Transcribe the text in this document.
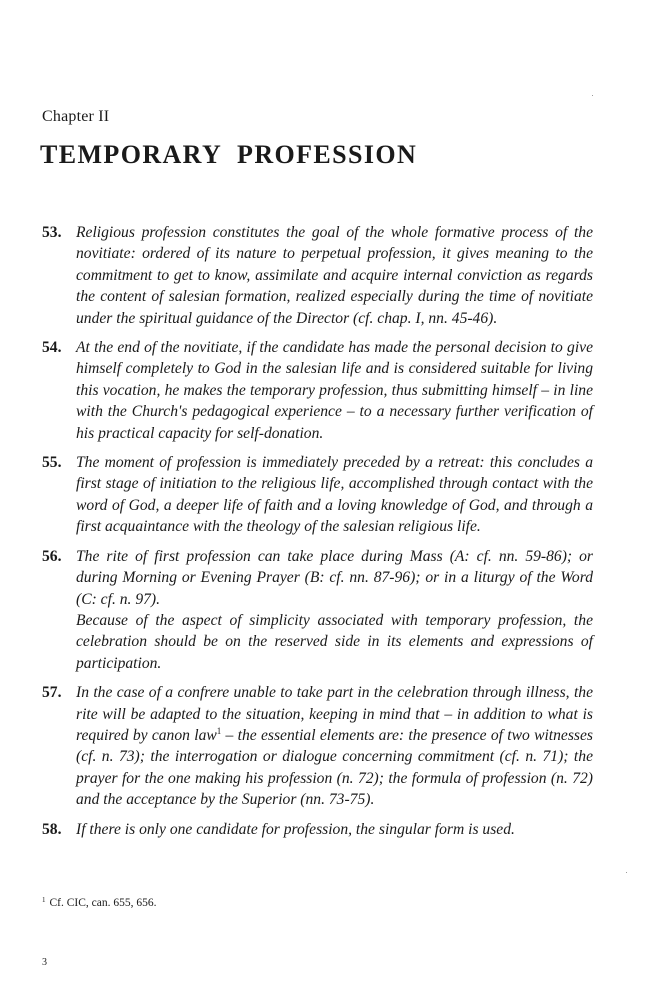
Chapter II
TEMPORARY PROFESSION
53. Religious profession constitutes the goal of the whole formative process of the novitiate: ordered of its nature to perpetual profession, it gives meaning to the commitment to get to know, assimilate and acquire internal conviction as regards the content of salesian formation, realized especially during the time of novitiate under the spiritual guidance of the Director (cf. chap. I, nn. 45-46).
54. At the end of the novitiate, if the candidate has made the personal decision to give himself completely to God in the salesian life and is considered suitable for living this vocation, he makes the temporary profession, thus submitting himself – in line with the Church's pedagogical experience – to a necessary further verification of his practical capacity for self-donation.
55. The moment of profession is immediately preceded by a retreat: this concludes a first stage of initiation to the religious life, accomplished through contact with the word of God, a deeper life of faith and a loving knowledge of God, and through a first acquaintance with the theology of the salesian religious life.
56. The rite of first profession can take place during Mass (A: cf. nn. 59-86); or during Morning or Evening Prayer (B: cf. nn. 87-96); or in a liturgy of the Word (C: cf. n. 97).
Because of the aspect of simplicity associated with temporary profession, the celebration should be on the reserved side in its elements and expressions of participation.
57. In the case of a confrere unable to take part in the celebration through illness, the rite will be adapted to the situation, keeping in mind that – in addition to what is required by canon law$^1$ – the essential elements are: the presence of two witnesses (cf. n. 73); the interrogation or dialogue concerning commitment (cf. n. 71); the prayer for the one making his profession (n. 72); the formula of profession (n. 72) and the acceptance by the Superior (nn. 73-75).
58. If there is only one candidate for profession, the singular form is used.
$^1$ Cf. CIC, can. 655, 656.
3
